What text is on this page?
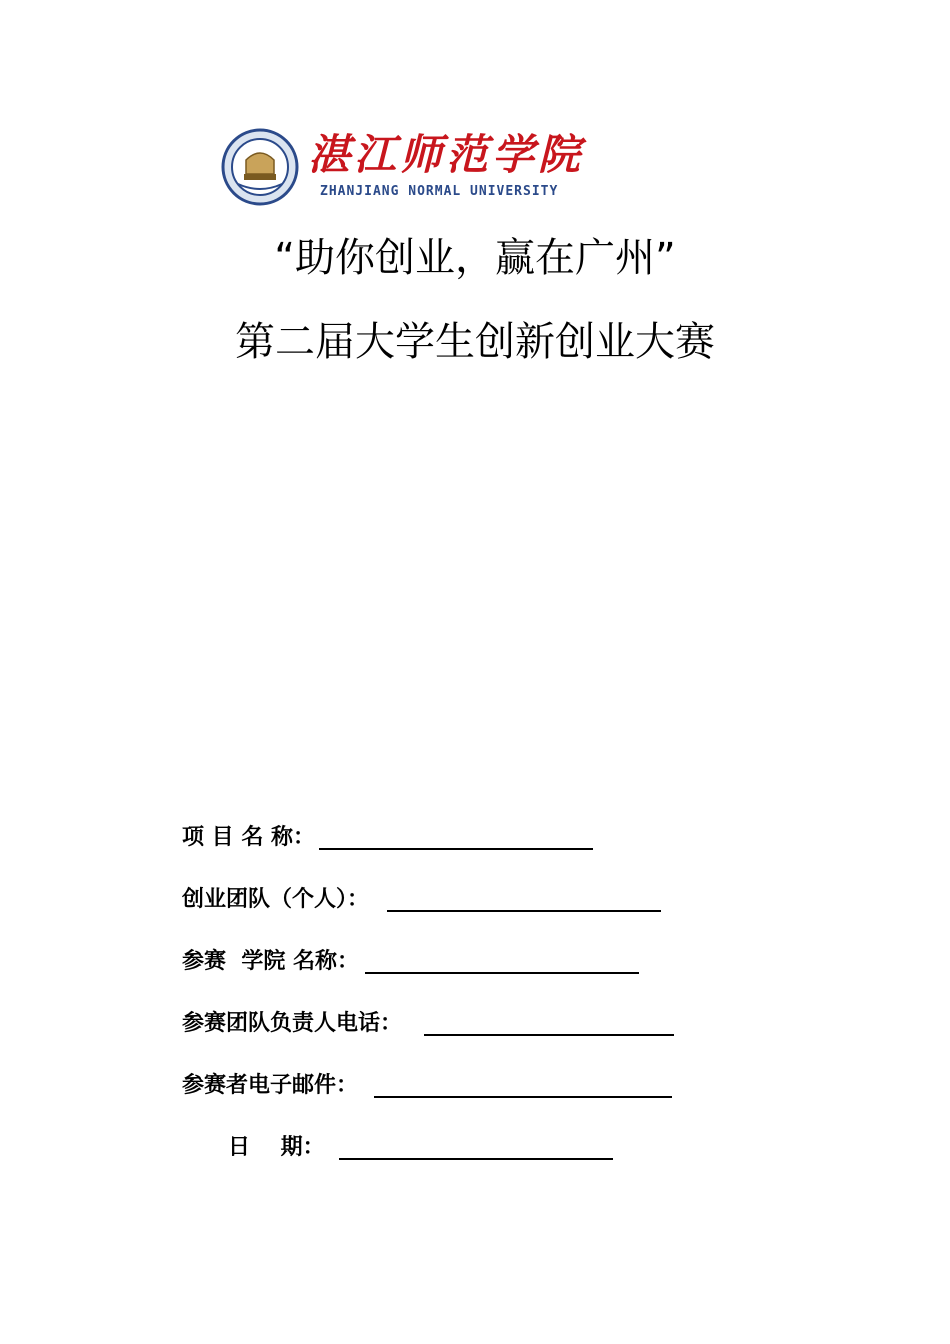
湛江师范学院
ZHANJIANG NORMAL UNIVERSITY
“助你创业，赢在广州”
第二届大学生创新创业大赛
项 目 名 称：
创业团队（个人）：
参赛  学院 名称：
参赛团队负责人电话：
参赛者电子邮件：
日    期：
